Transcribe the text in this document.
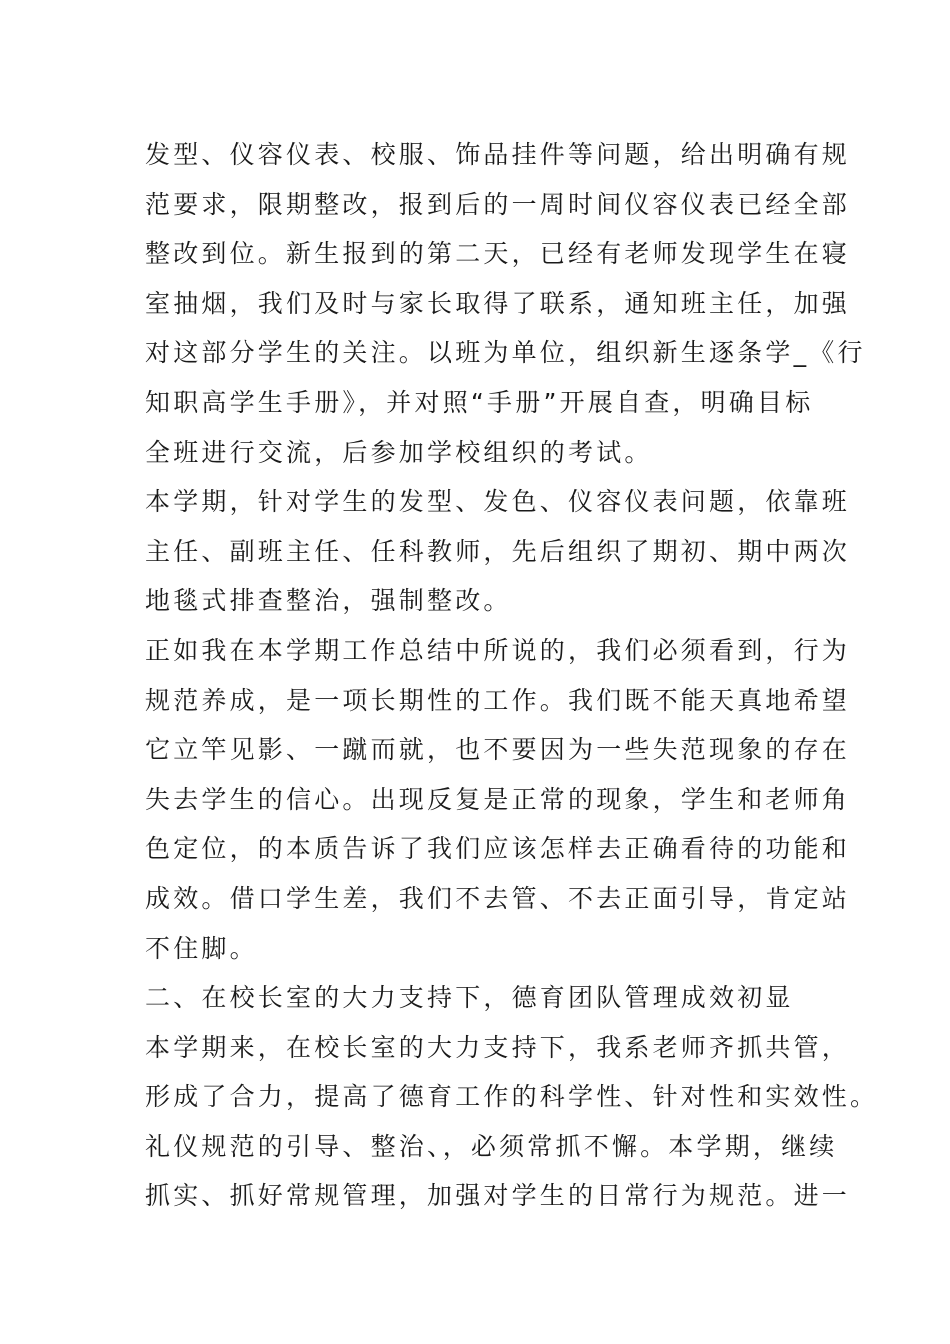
发型、仪容仪表、校服、饰品挂件等问题，给出明确有规
范要求，限期整改，报到后的一周时间仪容仪表已经全部
整改到位。新生报到的第二天，已经有老师发现学生在寝
室抽烟，我们及时与家长取得了联系，通知班主任，加强
对这部分学生的关注。以班为单位，组织新生逐条学_《行
知职高学生手册》，并对照“手册”开展自查，明确目标
全班进行交流，后参加学校组织的考试。
本学期，针对学生的发型、发色、仪容仪表问题，依靠班
主任、副班主任、任科教师，先后组织了期初、期中两次
地毯式排查整治，强制整改。
正如我在本学期工作总结中所说的，我们必须看到，行为
规范养成，是一项长期性的工作。我们既不能天真地希望
它立竿见影、一蹴而就，也不要因为一些失范现象的存在
失去学生的信心。出现反复是正常的现象，学生和老师角
色定位，的本质告诉了我们应该怎样去正确看待的功能和
成效。借口学生差，我们不去管、不去正面引导，肯定站
不住脚。
二、在校长室的大力支持下，德育团队管理成效初显
本学期来，在校长室的大力支持下，我系老师齐抓共管，
形成了合力，提高了德育工作的科学性、针对性和实效性。
礼仪规范的引导、整治、，必须常抓不懈。本学期，继续
抓实、抓好常规管理，加强对学生的日常行为规范。进一
